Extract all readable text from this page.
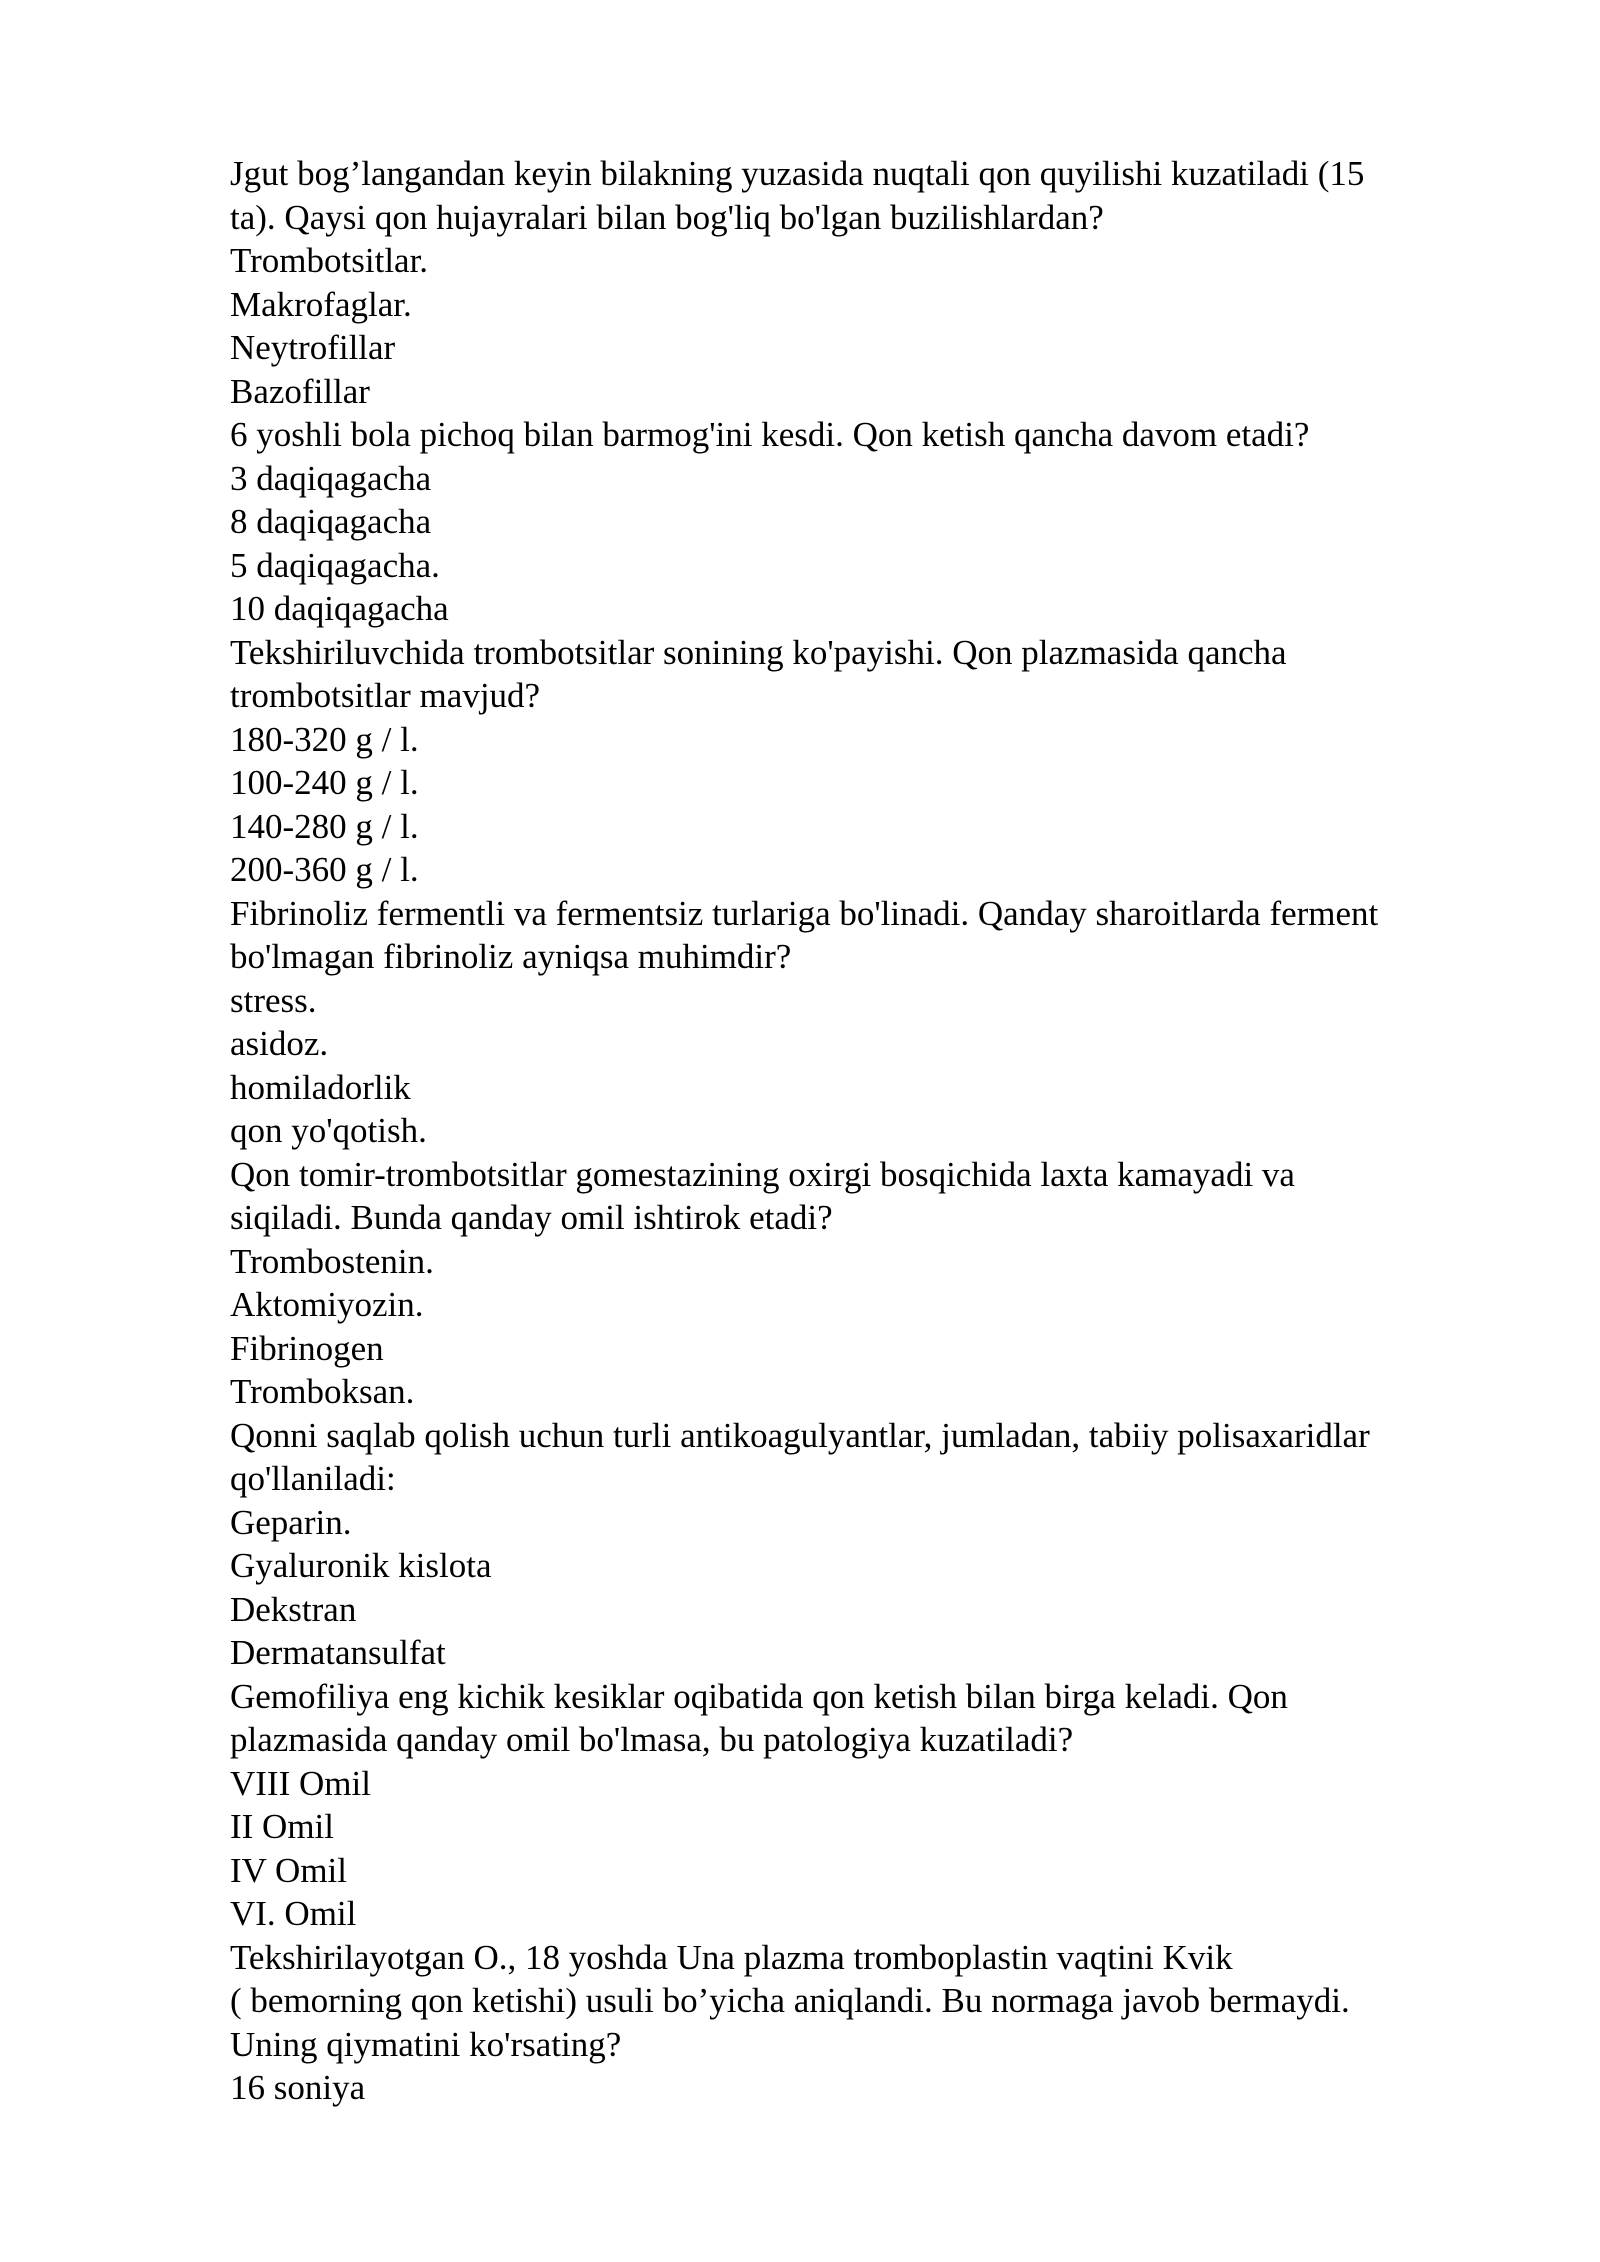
Jgut bog’langandan keyin bilakning yuzasida nuqtali qon quyilishi kuzatiladi (15
ta). Qaysi qon hujayralari bilan bog'liq bo'lgan buzilishlardan?
Trombotsitlar.
Makrofaglar.
Neytrofillar
Bazofillar
6 yoshli bola pichoq bilan barmog'ini kesdi. Qon ketish qancha davom etadi?
3 daqiqagacha
8 daqiqagacha
5 daqiqagacha.
10 daqiqagacha
Tekshiriluvchida trombotsitlar sonining ko'payishi. Qon plazmasida qancha
trombotsitlar mavjud?
180-320 g / l.
100-240 g / l.
140-280 g / l.
200-360 g / l.
Fibrinoliz fermentli va fermentsiz turlariga bo'linadi. Qanday sharoitlarda ferment
bo'lmagan fibrinoliz ayniqsa muhimdir?
stress.
asidoz.
homiladorlik
qon yo'qotish.
Qon tomir-trombotsitlar gomestazining oxirgi bosqichida laxta kamayadi va
siqiladi. Bunda qanday omil ishtirok etadi?
Trombostenin.
Aktomiyozin.
Fibrinogen
Tromboksan.
Qonni saqlab qolish uchun turli antikoagulyantlar, jumladan, tabiiy polisaxaridlar
qo'llaniladi:
Geparin.
Gyaluronik kislota
Dekstran
Dermatansulfat
Gemofiliya eng kichik kesiklar oqibatida qon ketish bilan birga keladi. Qon
plazmasida qanday omil bo'lmasa, bu patologiya kuzatiladi?
VIII Omil
II Omil
IV Omil
VI. Omil
Tekshirilayotgan O., 18 yoshda Una plazma tromboplastin vaqtini Kvik
( bemorning qon ketishi) usuli bo’yicha aniqlandi. Bu normaga javob bermaydi.
Uning qiymatini ko'rsating?
16 soniya
